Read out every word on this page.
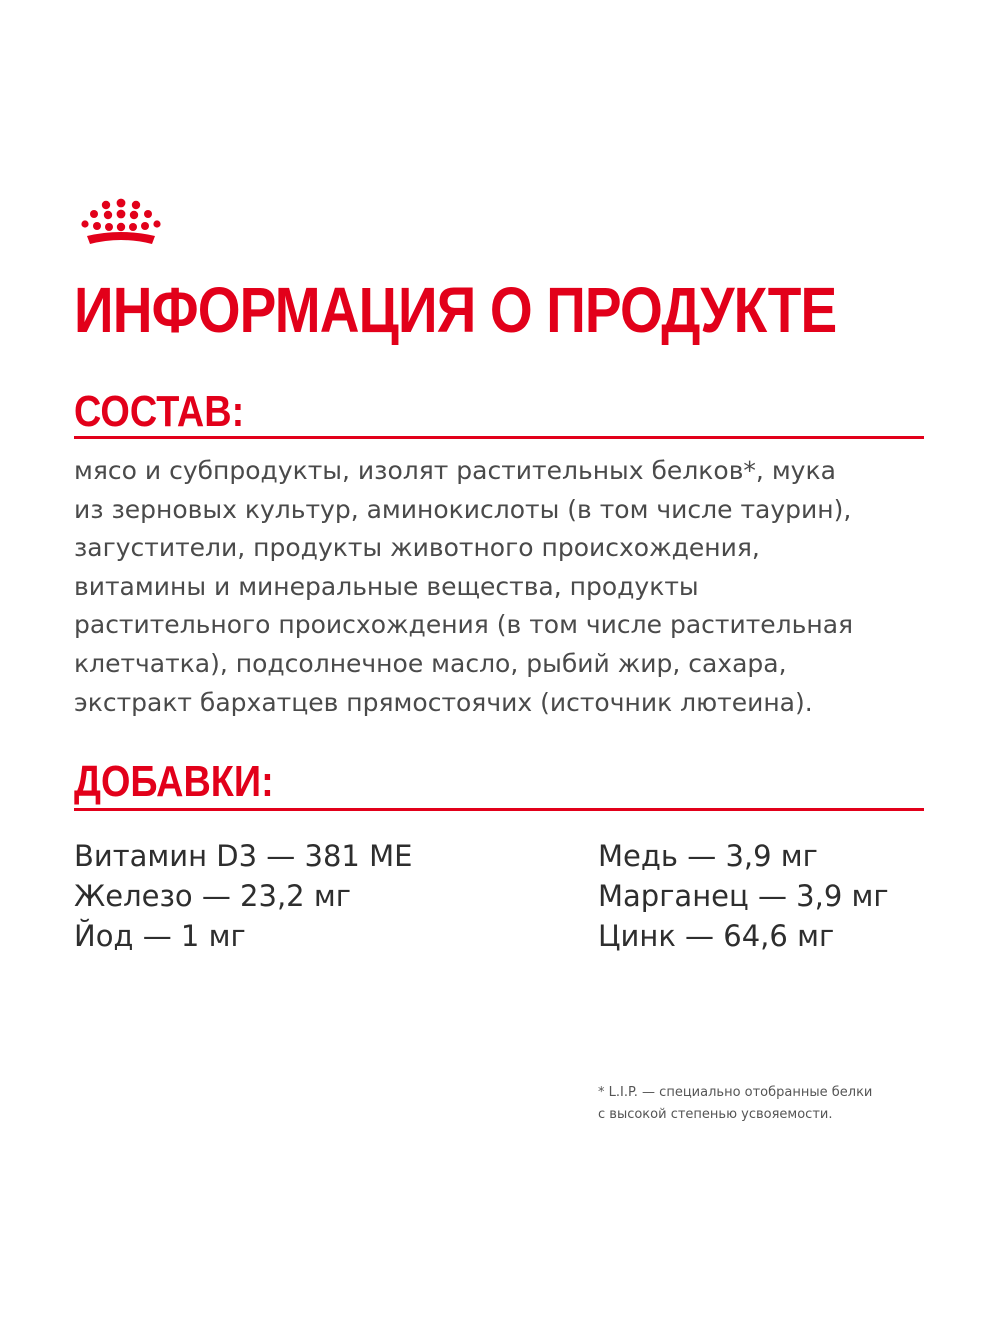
ИНФОРМАЦИЯ О ПРОДУКТЕ
СОСТАВ:

мясо и субпродукты, изолят растительных белков*, мука
из зерновых культур, аминокислоты (в том числе таурин),
загустители, продукты животного происхождения,
витамины и минеральные вещества, продукты
растительного происхождения (в том числе растительная
клетчатка), подсолнечное масло, рыбий жир, сахара,
экстракт бархатцев прямостоячих (источник лютеина).

ДОБАВКИ:
Витамин D3 — 381 МЕ
Железо — 23,2 мг
Йод — 1 мг
Медь — 3,9 мг
Марганец — 3,9 мг
Цинк — 64,6 мг

* L.I.P. — специально отобранные белки
с высокой степенью усвояемости.
